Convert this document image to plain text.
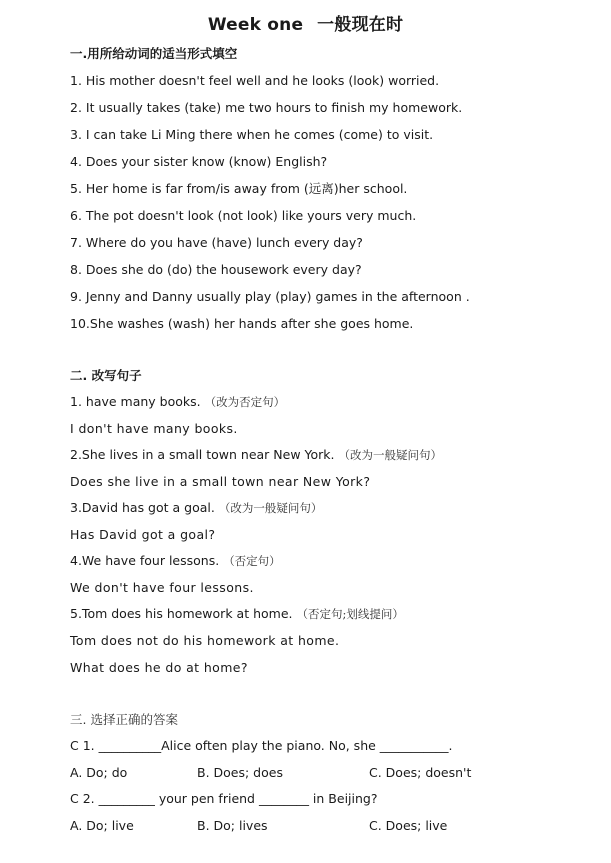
Week one 一般现在时
一.用所给动词的适当形式填空
1. His mother doesn't feel well and he looks (look) worried.
2. It usually takes (take) me two hours to finish my homework.
3. I can take Li Ming there when he comes (come) to visit.
4. Does your sister know (know) English?
5. Her home is far from/is away from (远离)her school.
6. The pot doesn't look (not look) like yours very much.
7. Where do you have (have) lunch every day?
8. Does she do (do) the housework every day?
9. Jenny and Danny usually play (play) games in the afternoon .
10.She washes (wash) her hands after she goes home.
二. 改写句子
1. have many books. （改为否定句）
I don't have many books.
2.She lives in a small town near New York. （改为一般疑问句）
Does she live in a small town near New York?
3.David has got a goal. （改为一般疑问句）
Has David got a goal?
4.We have four lessons. （否定句）
We don't have four lessons.
5.Tom does his homework at home. （否定句;划线提问）
Tom does not do his homework at home.
What does he do at home?
三. 选择正确的答案
C 1. __________Alice often play the piano. No, she ___________.
A. Do; do	B. Does; does	C. Does; doesn't
C 2. _________ your pen friend ________ in Beijing?
A. Do; live	B. Do; lives	C. Does; live
